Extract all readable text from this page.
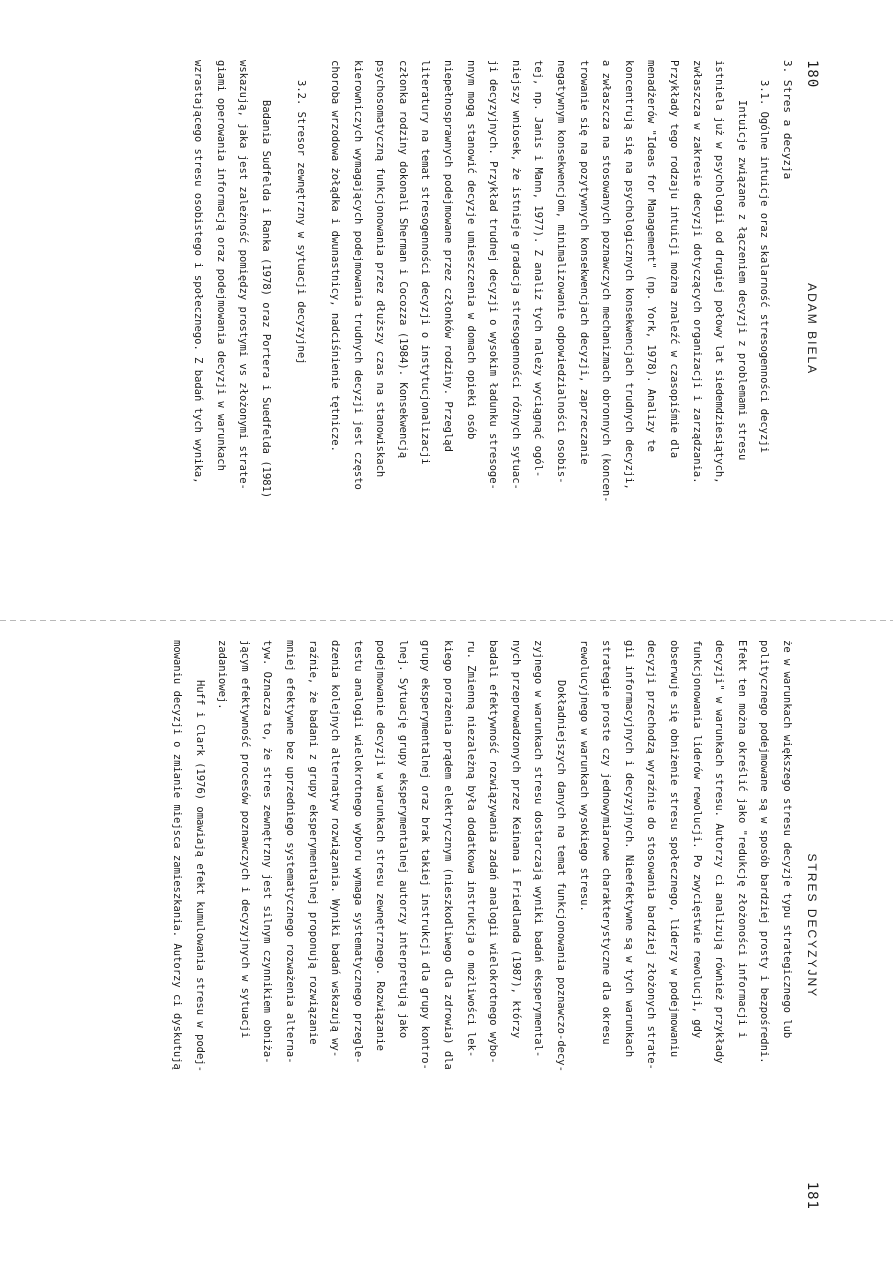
180
ADAM BIELA
3. Stres a decyzja
3.1. Ogólne intuicje oraz skalarność stresogenności decyzji
Intuicje związane z łączeniem decyzji z problemami stresu
istniela już w psychologii od drugiej połowy lat siedemdziesiątych,
zwłaszcza w zakresie decyzji dotyczących organizacji i zarządzania.
Przykłady tego rodzaju intuicji można znaleźć w czasopiśmie dla
menadżerów "Ideas for Management" (np. York, 1978). Analizy te
koncentrują się na psychologicznych konsekwencjach trudnych decyzji,
a zwłaszcza na stosowanych poznawczych mechanizmach obronnych (koncen-
trowanie się na pozytywnych konsekwencjach decyzji, zaprzeczanie
negatywnym konsekwencjom, minimalizowanie odpowiedzialności osobis-
tej, np. Janis i Mann, 1977). Z analiz tych należy wyciągnąć ogól-
niejszy wniosek, że istnieje gradacja stresogenności różnych sytuac-
ji decyzyjnych. Przykład trudnej decyzji o wysokim ładunku stresoge-
nnym mogą stanowić decyzje umieszczenia w domach opieki osób
niepełnosprawnych podejmowane przez członków rodziny. Przegląd
literatury na temat stresogenności decyzji o instytucjonalizacji
członka rodziny dokonali Sherman i Cocozza (1984). Konsekwencją
psychosomatyczną funkcjonowania przez dłuższy czas na stanowiskach
kierowniczych wymagających podejmowania trudnych decyzji jest często
choroba wrzodowa żołądka i dwunastnicy, nadciśnienie tętnicze.
3.2. Stresor zewnętrzny w sytuacji decyzyjnej
Badania Sudfelda i Ranka (1978) oraz Portera i Suedfelda (1981)
wskazują, jaka jest zależność pomiędzy prostymi vs złożonymi strate-
giami operowania informacją oraz podejmowania decyzji w warunkach
wzrastającego stresu osobistego i społecznego. Z badań tych wynika,
STRES DECYZYJNY
181
że w warunkach większego stresu decyzje typu strategicznego lub
politycznego podejmowane są w sposób bardziej prosty i bezpośredni.
Efekt ten można określić jako "redukcję złożoności informacji i
decyzji" w warunkach stresu. Autorzy ci analizują również przykłady
funkcjonowania liderów rewolucji. Po zwycięstwie rewolucji, gdy
obserwuje się obniżenie stresu społecznego, liderzy w podejmowaniu
decyzji przechodzą wyraźnie do stosowania bardziej złożonych strate-
gii informacyjnych i decyzyjnych. Nieefektywne są w tych warunkach
strategie proste czy jednowymiarowe charakterystyczne dla okresu
rewolucyjnego w warunkach wysokiego stresu.
Dokładniejszych danych na temat funkcjonowania poznawczo-decy-
zyjnego w warunkach stresu dostarczają wyniki badań eksperymental-
nych przeprowadzonych przez Keinana i Friedlanda (1987), którzy
badali efektywność rozwiązywania zadań analogii wielokrotnego wybo-
ru. Zmienną niezależną była dodatkowa instrukcja o możliwości lek-
kiego porażenia prądem elektrycznym (nieszkodliwego dla zdrowia) dla
grupy eksperymentalnej oraz brak takiej instrukcji dla grupy kontro-
lnej. Sytuację grupy eksperymentalnej autorzy interpretują jako
podejmowanie decyzji w warunkach stresu zewnętrznego. Rozwiązanie
testu analogii wielokrotnego wyboru wymaga systematycznego przegle-
dzenia kolejnych alternatyw rozwiązania. Wyniki badań wskazują wy-
raźnie, że badani z grupy eksperymentalnej proponują rozwiązanie
mniej efektywne bez uprzedniego systematycznego rozważenia alterna-
tyw. Oznacza to, że stres zewnętrzny jest silnym czynnikiem obniża-
jącym efektywność procesów poznawczych i decyzyjnych w sytuacji
zadaniowej.
Huff i Clark (1976) omawiają efekt kumulowania stresu w podej-
mowaniu decyzji o zmianie miejsca zamieszkania. Autorzy ci dyskutują
